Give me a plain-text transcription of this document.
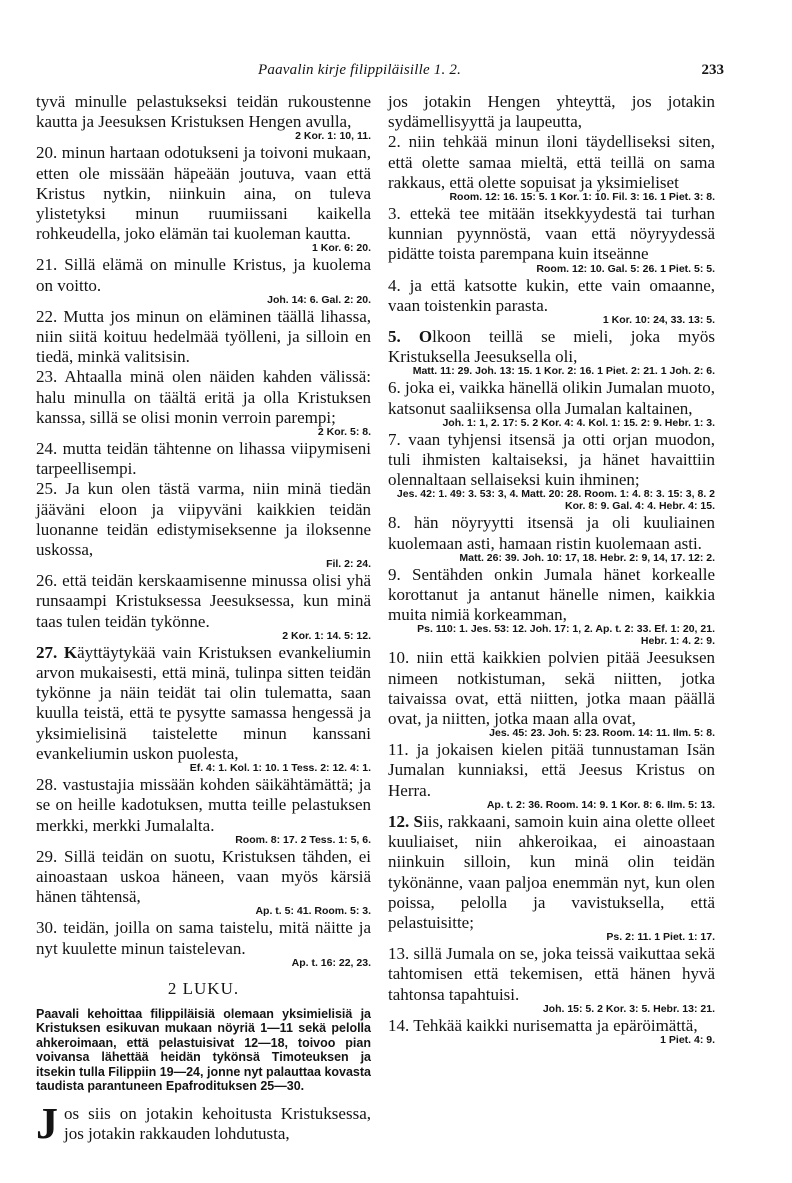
Paavalin kirje filippiläisille 1. 2.	233

tyvä minulle pelastukseksi teidän rukoustenne kautta ja Jeesuksen Kristuksen Hengen avulla,

2 Kor. 1: 10, 11.

20. minun hartaan odotukseni ja toivoni mukaan, etten ole missään häpeään joutuva, vaan että Kristus nytkin, niinkuin aina, on tuleva ylistetyksi minun ruumiissani kaikella rohkeudella, joko elämän tai kuoleman kautta.

1 Kor. 6: 20.

21. Sillä elämä on minulle Kristus, ja kuolema on voitto.

Joh. 14: 6. Gal. 2: 20.

22. Mutta jos minun on eläminen täällä lihassa, niin siitä koituu hedelmää työlleni, ja silloin en tiedä, minkä valitsisin.

23. Ahtaalla minä olen näiden kahden välissä: halu minulla on täältä eritä ja olla Kristuksen kanssa, sillä se olisi monin verroin parempi;

2 Kor. 5: 8.

24. mutta teidän tähtenne on lihassa viipymiseni tarpeellisempi.

25. Ja kun olen tästä varma, niin minä tiedän jääväni eloon ja viipyväni kaikkien teidän luonanne teidän edistymiseksenne ja iloksenne uskossa,

Fil. 2: 24.

26. että teidän kerskaamisenne minussa olisi yhä runsaampi Kristuksessa Jeesuksessa, kun minä taas tulen teidän tykönne.

2 Kor. 1: 14. 5: 12.

27. Käyttäytykää vain Kristuksen evankeliumin arvon mukaisesti, että minä, tulinpa sitten teidän tykönne ja näin teidät tai olin tulematta, saan kuulla teistä, että te pysytte samassa hengessä ja yksimielisinä taistelette minun kanssani evankeliumin uskon puolesta,

Ef. 4: 1. Kol. 1: 10. 1 Tess. 2: 12. 4: 1.

28. vastustajia missään kohden säikähtämättä; ja se on heille kadotuksen, mutta teille pelastuksen merkki, merkki Jumalalta.

Room. 8: 17. 2 Tess. 1: 5, 6.

29. Sillä teidän on suotu, Kristuksen tähden, ei ainoastaan uskoa häneen, vaan myös kärsiä hänen tähtensä,

Ap. t. 5: 41. Room. 5: 3.

30. teidän, joilla on sama taistelu, mitä näitte ja nyt kuulette minun taistelevan.

Ap. t. 16: 22, 23.
2 LUKU.

Paavali kehoittaa filippiläisiä olemaan yksimielisiä ja Kristuksen esikuvan mukaan nöyriä 1—11 sekä pelolla ahkeroimaan, että pelastuisivat 12—18, toivoo pian voivansa lähettää heidän tykönsä Timoteuksen ja itsekin tulla Filippiin 19—24, jonne nyt palauttaa kovasta taudista parantuneen Epafrodituksen 25—30.

Jos siis on jotakin kehoitusta Kristuksessa, jos jotakin rakkauden lohdutusta,

jos jotakin Hengen yhteyttä, jos jotakin sydämellisyyttä ja laupeutta,

2. niin tehkää minun iloni täydelliseksi siten, että olette samaa mieltä, että teillä on sama rakkaus, että olette sopuisat ja yksimieliset

Room. 12: 16. 15: 5. 1 Kor. 1: 10. Fil. 3: 16. 1 Piet. 3: 8.

3. ettekä tee mitään itsekkyydestä tai turhan kunnian pyynnöstä, vaan että nöyryydessä pidätte toista parempana kuin itseänne

Room. 12: 10. Gal. 5: 26. 1 Piet. 5: 5.

4. ja että katsotte kukin, ette vain omaanne, vaan toistenkin parasta.

1 Kor. 10: 24, 33. 13: 5.

5. Olkoon teillä se mieli, joka myös Kristuksella Jeesuksella oli,

Matt. 11: 29. Joh. 13: 15. 1 Kor. 2: 16. 1 Piet. 2: 21. 1 Joh. 2: 6.

6. joka ei, vaikka hänellä olikin Jumalan muoto, katsonut saaliiksensa olla Jumalan kaltainen,

Joh. 1: 1, 2. 17: 5. 2 Kor. 4: 4. Kol. 1: 15. 2: 9. Hebr. 1: 3.

7. vaan tyhjensi itsensä ja otti orjan muodon, tuli ihmisten kaltaiseksi, ja hänet havaittiin olennaltaan sellaiseksi kuin ihminen;

Jes. 42: 1. 49: 3. 53: 3, 4. Matt. 20: 28. Room. 1: 4. 8: 3. 15: 3, 8. 2 Kor. 8: 9. Gal. 4: 4. Hebr. 4: 15.

8. hän nöyryytti itsensä ja oli kuuliainen kuolemaan asti, hamaan ristin kuolemaan asti.

Matt. 26: 39. Joh. 10: 17, 18. Hebr. 2: 9, 14, 17. 12: 2.

9. Sentähden onkin Jumala hänet korkealle korottanut ja antanut hänelle nimen, kaikkia muita nimiä korkeamman,

Ps. 110: 1. Jes. 53: 12. Joh. 17: 1, 2. Ap. t. 2: 33. Ef. 1: 20, 21. Hebr. 1: 4. 2: 9.

10. niin että kaikkien polvien pitää Jeesuksen nimeen notkistuman, sekä niitten, jotka taivaissa ovat, että niitten, jotka maan päällä ovat, ja niitten, jotka maan alla ovat,

Jes. 45: 23. Joh. 5: 23. Room. 14: 11. Ilm. 5: 8.

11. ja jokaisen kielen pitää tunnustaman Isän Jumalan kunniaksi, että Jeesus Kristus on Herra.

Ap. t. 2: 36. Room. 14: 9. 1 Kor. 8: 6. Ilm. 5: 13.

12. Siis, rakkaani, samoin kuin aina olette olleet kuuliaiset, niin ahkeroikaa, ei ainoastaan niinkuin silloin, kun minä olin teidän tykönänne, vaan paljoa enemmän nyt, kun olen poissa, pelolla ja vavistuksella, että pelastuisitte;

Ps. 2: 11. 1 Piet. 1: 17.

13. sillä Jumala on se, joka teissä vaikuttaa sekä tahtomisen että tekemisen, että hänen hyvä tahtonsa tapahtuisi.

Joh. 15: 5. 2 Kor. 3: 5. Hebr. 13: 21.

14. Tehkää kaikki nurisematta ja epäröimättä,

1 Piet. 4: 9.
